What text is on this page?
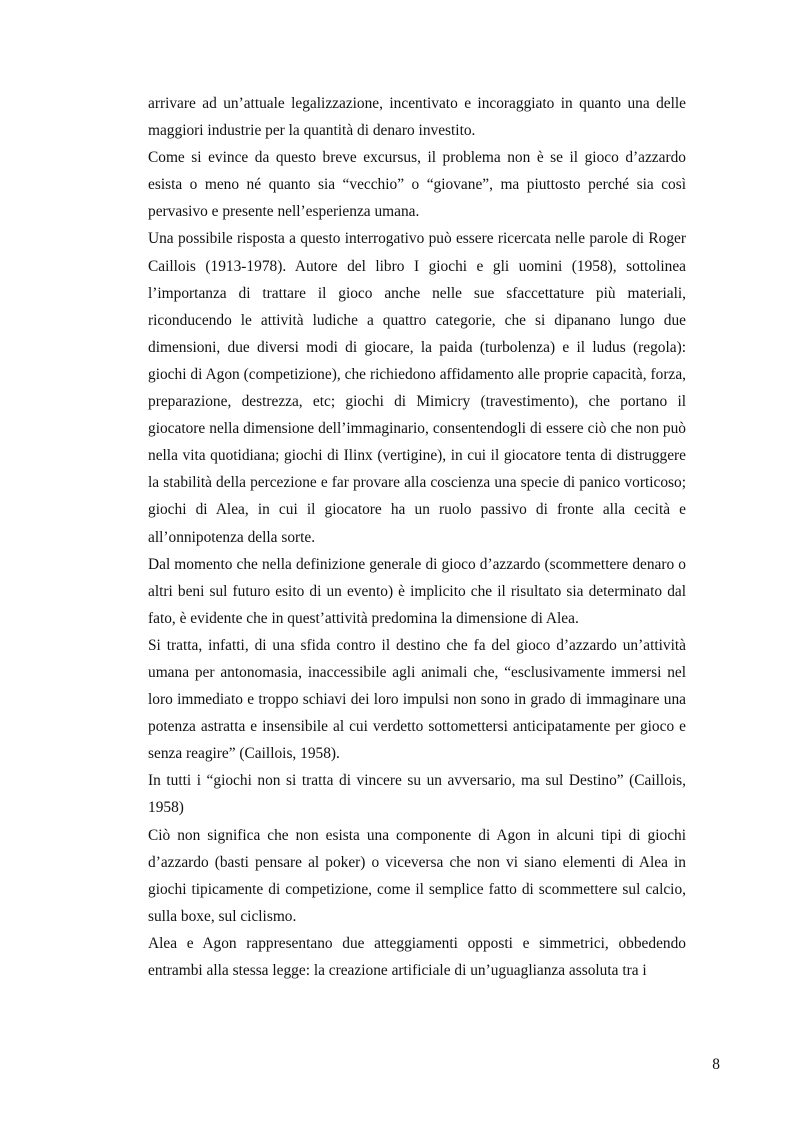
arrivare ad un’attuale legalizzazione, incentivato e incoraggiato in quanto una delle maggiori industrie per la quantità di denaro investito.

Come si evince da questo breve excursus, il problema non è se il gioco d’azzardo esista o meno né quanto sia “vecchio” o “giovane”, ma piuttosto perché sia così pervasivo e presente nell’esperienza umana.

Una possibile risposta a questo interrogativo può essere ricercata nelle parole di Roger Caillois (1913-1978). Autore del libro I giochi e gli uomini (1958), sottolinea l’importanza di trattare il gioco anche nelle sue sfaccettature più materiali, riconducendo le attività ludiche a quattro categorie, che si dipanano lungo due dimensioni, due diversi modi di giocare, la paida (turbolenza) e il ludus (regola): giochi di Agon (competizione), che richiedono affidamento alle proprie capacità, forza, preparazione, destrezza, etc; giochi di Mimicry (travestimento), che portano il giocatore nella dimensione dell’immaginario, consentendogli di essere ciò che non può nella vita quotidiana; giochi di Ilinx (vertigine), in cui il giocatore tenta di distruggere la stabilità della percezione e far provare alla coscienza una specie di panico vorticoso; giochi di Alea, in cui il giocatore ha un ruolo passivo di fronte alla cecità e all’onnipotenza della sorte.

Dal momento che nella definizione generale di gioco d’azzardo (scommettere denaro o altri beni sul futuro esito di un evento) è implicito che il risultato sia determinato dal fato, è evidente che in quest’attività predomina la dimensione di Alea.

Si tratta, infatti, di una sfida contro il destino che fa del gioco d’azzardo un’attività umana per antonomasia, inaccessibile agli animali che, “esclusivamente immersi nel loro immediato e troppo schiavi dei loro impulsi non sono in grado di immaginare una potenza astratta e insensibile al cui verdetto sottomettersi anticipatamente per gioco e senza reagire” (Caillois, 1958).

In tutti i “giochi non si tratta di vincere su un avversario, ma sul Destino” (Caillois, 1958)

Ciò non significa che non esista una componente di Agon in alcuni tipi di giochi d’azzardo (basti pensare al poker) o viceversa che non vi siano elementi di Alea in giochi tipicamente di competizione, come il semplice fatto di scommettere sul calcio, sulla boxe, sul ciclismo.

Alea e Agon rappresentano due atteggiamenti opposti e simmetrici, obbedendo entrambi alla stessa legge: la creazione artificiale di un’uguaglianza assoluta tra i

8
